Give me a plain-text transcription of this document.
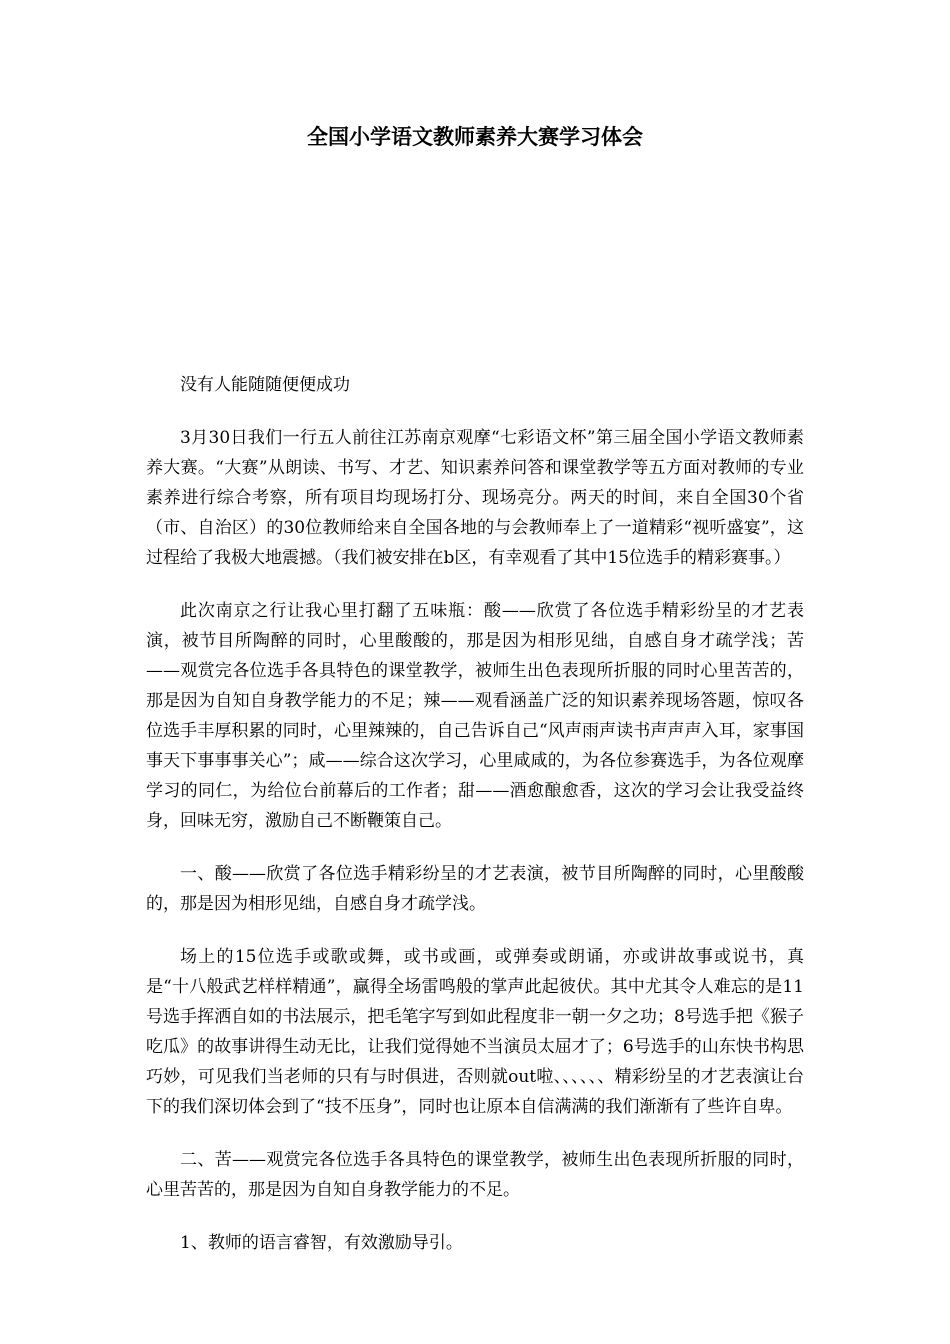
全国小学语文教师素养大赛学习体会

没有人能随随便便成功

3月30日我们一行五人前往江苏南京观摩“七彩语文杯”第三届全国小学语文教师素养大赛。“大赛”从朗读、书写、才艺、知识素养问答和课堂教学等五方面对教师的专业素养进行综合考察，所有项目均现场打分、现场亮分。两天的时间，来自全国30个省（市、自治区）的30位教师给来自全国各地的与会教师奉上了一道精彩“视听盛宴”，这过程给了我极大地震撼。（我们被安排在b区，有幸观看了其中15位选手的精彩赛事。）

此次南京之行让我心里打翻了五味瓶：酸——欣赏了各位选手精彩纷呈的才艺表演，被节目所陶醉的同时，心里酸酸的，那是因为相形见绌，自感自身才疏学浅；苦——观赏完各位选手各具特色的课堂教学，被师生出色表现所折服的同时心里苦苦的，那是因为自知自身教学能力的不足；辣——观看涵盖广泛的知识素养现场答题，惊叹各位选手丰厚积累的同时，心里辣辣的，自己告诉自己“风声雨声读书声声声入耳，家事国事天下事事事关心”；咸——综合这次学习，心里咸咸的，为各位参赛选手，为各位观摩学习的同仁，为给位台前幕后的工作者；甜——酒愈酿愈香，这次的学习会让我受益终身，回味无穷，激励自己不断鞭策自己。

一、酸——欣赏了各位选手精彩纷呈的才艺表演，被节目所陶醉的同时，心里酸酸的，那是因为相形见绌，自感自身才疏学浅。

场上的15位选手或歌或舞，或书或画，或弹奏或朗诵，亦或讲故事或说书，真是“十八般武艺样样精通”，赢得全场雷鸣般的掌声此起彼伏。其中尤其令人难忘的是11号选手挥洒自如的书法展示，把毛笔字写到如此程度非一朝一夕之功；8号选手把《猴子吃瓜》的故事讲得生动无比，让我们觉得她不当演员太屈才了；6号选手的山东快书构思巧妙，可见我们当老师的只有与时俱进，否则就out啦、、、、、、精彩纷呈的才艺表演让台下的我们深切体会到了“技不压身”，同时也让原本自信满满的我们渐渐有了些许自卑。

二、苦——观赏完各位选手各具特色的课堂教学，被师生出色表现所折服的同时，心里苦苦的，那是因为自知自身教学能力的不足。

1、教师的语言睿智，有效激励导引。
